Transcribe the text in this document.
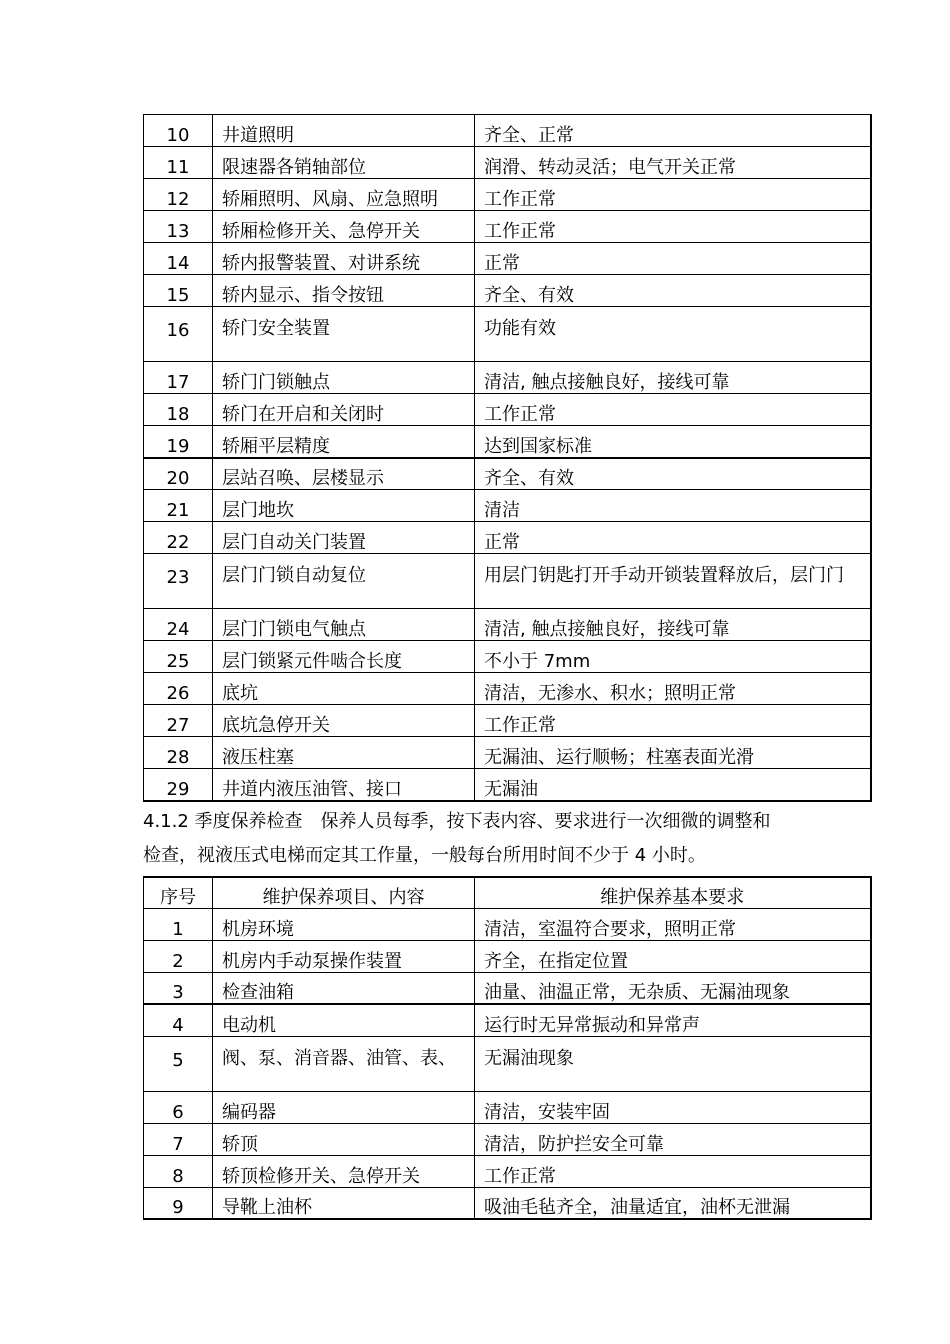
10	井道照明	齐全、正常
11	限速器各销轴部位	润滑、转动灵活；电气开关正常
12	轿厢照明、风扇、应急照明	工作正常
13	轿厢检修开关、急停开关	工作正常
14	轿内报警装置、对讲系统	正常
15	轿内显示、指令按钮	齐全、有效
16	轿门安全装置	功能有效
17	轿门门锁触点	清洁, 触点接触良好，接线可靠
18	轿门在开启和关闭时	工作正常
19	轿厢平层精度	达到国家标准
20	层站召唤、层楼显示	齐全、有效
21	层门地坎	清洁
22	层门自动关门装置	正常
23	层门门锁自动复位	用层门钥匙打开手动开锁装置释放后，层门门
24	层门门锁电气触点	清洁, 触点接触良好，接线可靠
25	层门锁紧元件啮合长度	不小于 7mm
26	底坑	清洁，无渗水、积水；照明正常
27	底坑急停开关	工作正常
28	液压柱塞	无漏油、运行顺畅；柱塞表面光滑
29	井道内液压油管、接口	无漏油
4.1.2 季度保养检查　保养人员每季，按下表内容、要求进行一次细微的调整和
检查，视液压式电梯而定其工作量，一般每台所用时间不少于 4 小时。
序号	维护保养项目、内容	维护保养基本要求
1	机房环境	清洁，室温符合要求，照明正常
2	机房内手动泵操作装置	齐全，在指定位置
3	检查油箱	油量、油温正常，无杂质、无漏油现象
4	电动机	运行时无异常振动和异常声
5	阀、泵、消音器、油管、表、	无漏油现象
6	编码器	清洁，安装牢固
7	轿顶	清洁，防护拦安全可靠
8	轿顶检修开关、急停开关	工作正常
9	导靴上油杯	吸油毛毡齐全，油量适宜，油杯无泄漏
